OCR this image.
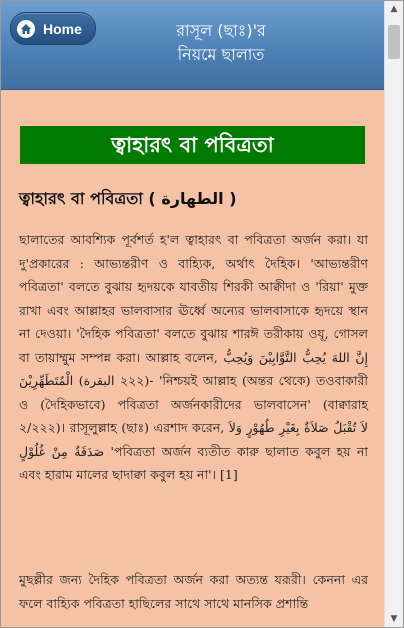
Home	রাসূল (ছাঃ)'র
নিয়মে ছালাত
ত্বাহারৎ বা পবিত্রতা
ত্বাহারৎ বা পবিত্রতা ( الطهارة )
ছালাতের আবশ্যিক পূর্বশর্ত হ'ল ত্বাহারৎ বা পবিত্রতা অর্জন করা। যা দু'প্রকারের : আভ্যন্তরীণ ও বাহ্যিক, অর্থাৎ দৈহিক। 'আভ্যন্তরীণ পবিত্রতা' বলতে বুঝায় হৃদয়কে যাবতীয় শিরকী আক্বীদা ও 'রিয়া' মুক্ত রাখা এবং আল্লাহর ভালবাসার ঊর্ধ্বে অন্যের ভালবাসাকে হৃদয়ে স্থান না দেওয়া। 'দৈহিক পবিত্রতা' বলতে বুঝায় শারঈ তরীকায় ওযূ, গোসল বা তায়াম্মুম সম্পন্ন করা। আল্লাহ বলেন, إِنَّ اللهَ يُحِبُّ التَّوَّابِيْنَ وَيُحِبُّ الْمُتَطَهِّرِيْنَ (البقرة ২২২)- 'নিশ্চয়ই আল্লাহ (অন্তর থেকে) তওবাকারী ও (দৈহিকভাবে) পবিত্রতা অর্জনকারীদের ভালবাসেন' (বাক্বারাহ ২/২২২)। রাসূলুল্লাহ (ছাঃ) এরশাদ করেন, لاَ تُقْبَلُ صَلاَةٌ بِغَيْرِ طُهُوْرٍ وَلاَ صَدَقَةٌ مِنْ غُلُوْلٍ 'পবিত্রতা অর্জন ব্যতীত কারু ছালাত কবুল হয় না এবং হারাম মালের ছাদাক্বা কবুল হয় না'। [1]
মুছল্লীর জন্য দৈহিক পবিত্রতা অর্জন করা অত্যন্ত যরূরী। কেননা এর ফলে বাহ্যিক পবিত্রতা হাছিলের সাথে সাথে মানসিক প্রশান্তি
▲
▼
